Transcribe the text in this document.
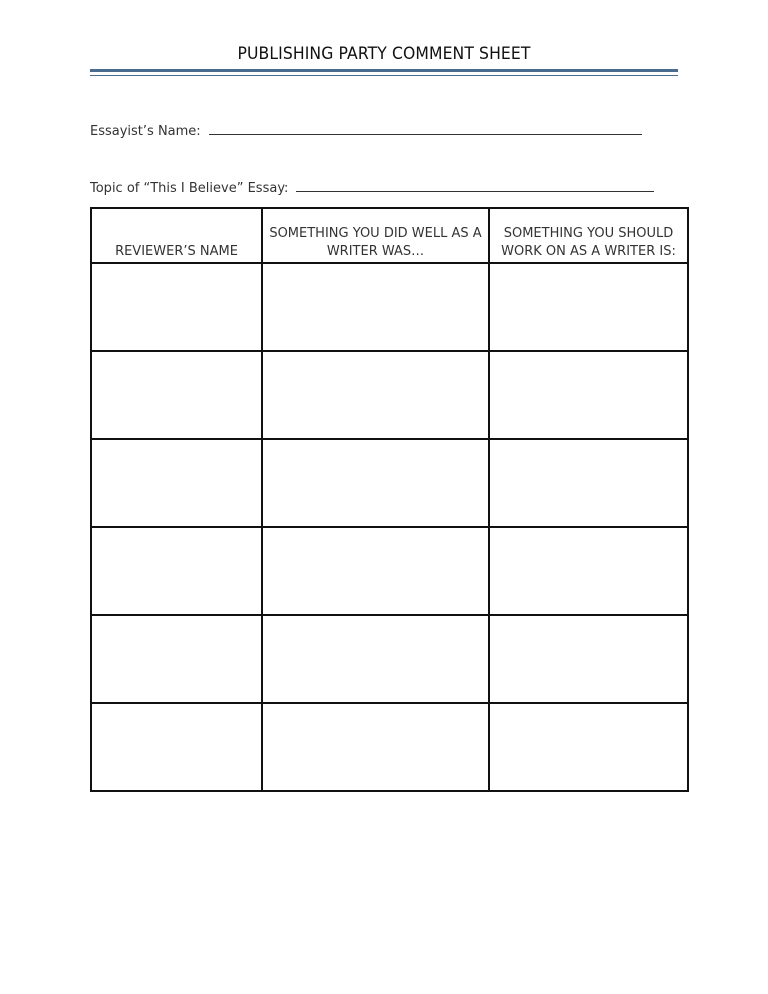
PUBLISHING PARTY COMMENT SHEET
Essayist’s Name:
Topic of “This I Believe” Essay:
REVIEWER’S NAME	SOMETHING YOU DID WELL AS A WRITER WAS…	SOMETHING YOU SHOULD WORK ON AS A WRITER IS:
